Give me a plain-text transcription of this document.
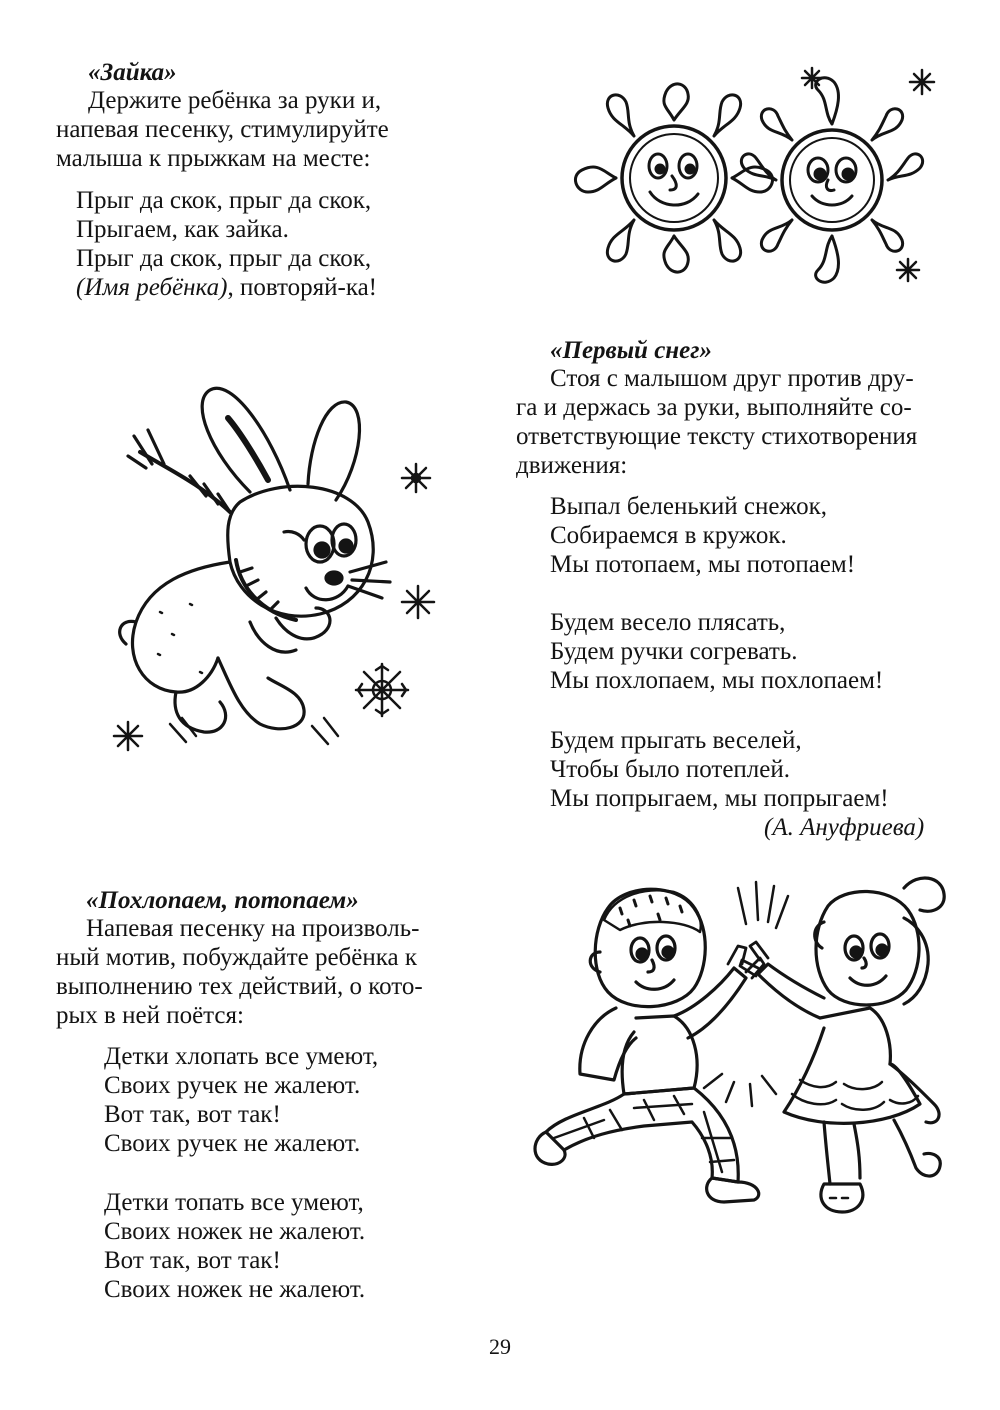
«Зайка»
Держите ребёнка за руки и,
напевая песенку, стимулируйте
малыша к прыжкам на месте:
Прыг да скок, прыг да скок,
Прыгаем, как зайка.
Прыг да скок, прыг да скок,
(Имя ребёнка), повторяй-ка!
«Первый снег»
Стоя с малышом друг против дру-
га и держась за руки, выполняйте со-
ответствующие тексту стихотворения
движения:
Выпал беленький снежок,
Собираемся в кружок.
Мы потопаем, мы потопаем!
Будем весело плясать,
Будем ручки согревать.
Мы похлопаем, мы похлопаем!
Будем прыгать веселей,
Чтобы было потеплей.
Мы попрыгаем, мы попрыгаем!
(А. Ануфриева)
«Похлопаем, потопаем»
Напевая песенку на произволь-
ный мотив, побуждайте ребёнка к
выполнению тех действий, о кото-
рых в ней поётся:
Детки хлопать все умеют,
Своих ручек не жалеют.
Вот так, вот так!
Своих ручек не жалеют.
Детки топать все умеют,
Своих ножек не жалеют.
Вот так, вот так!
Своих ножек не жалеют.
29
